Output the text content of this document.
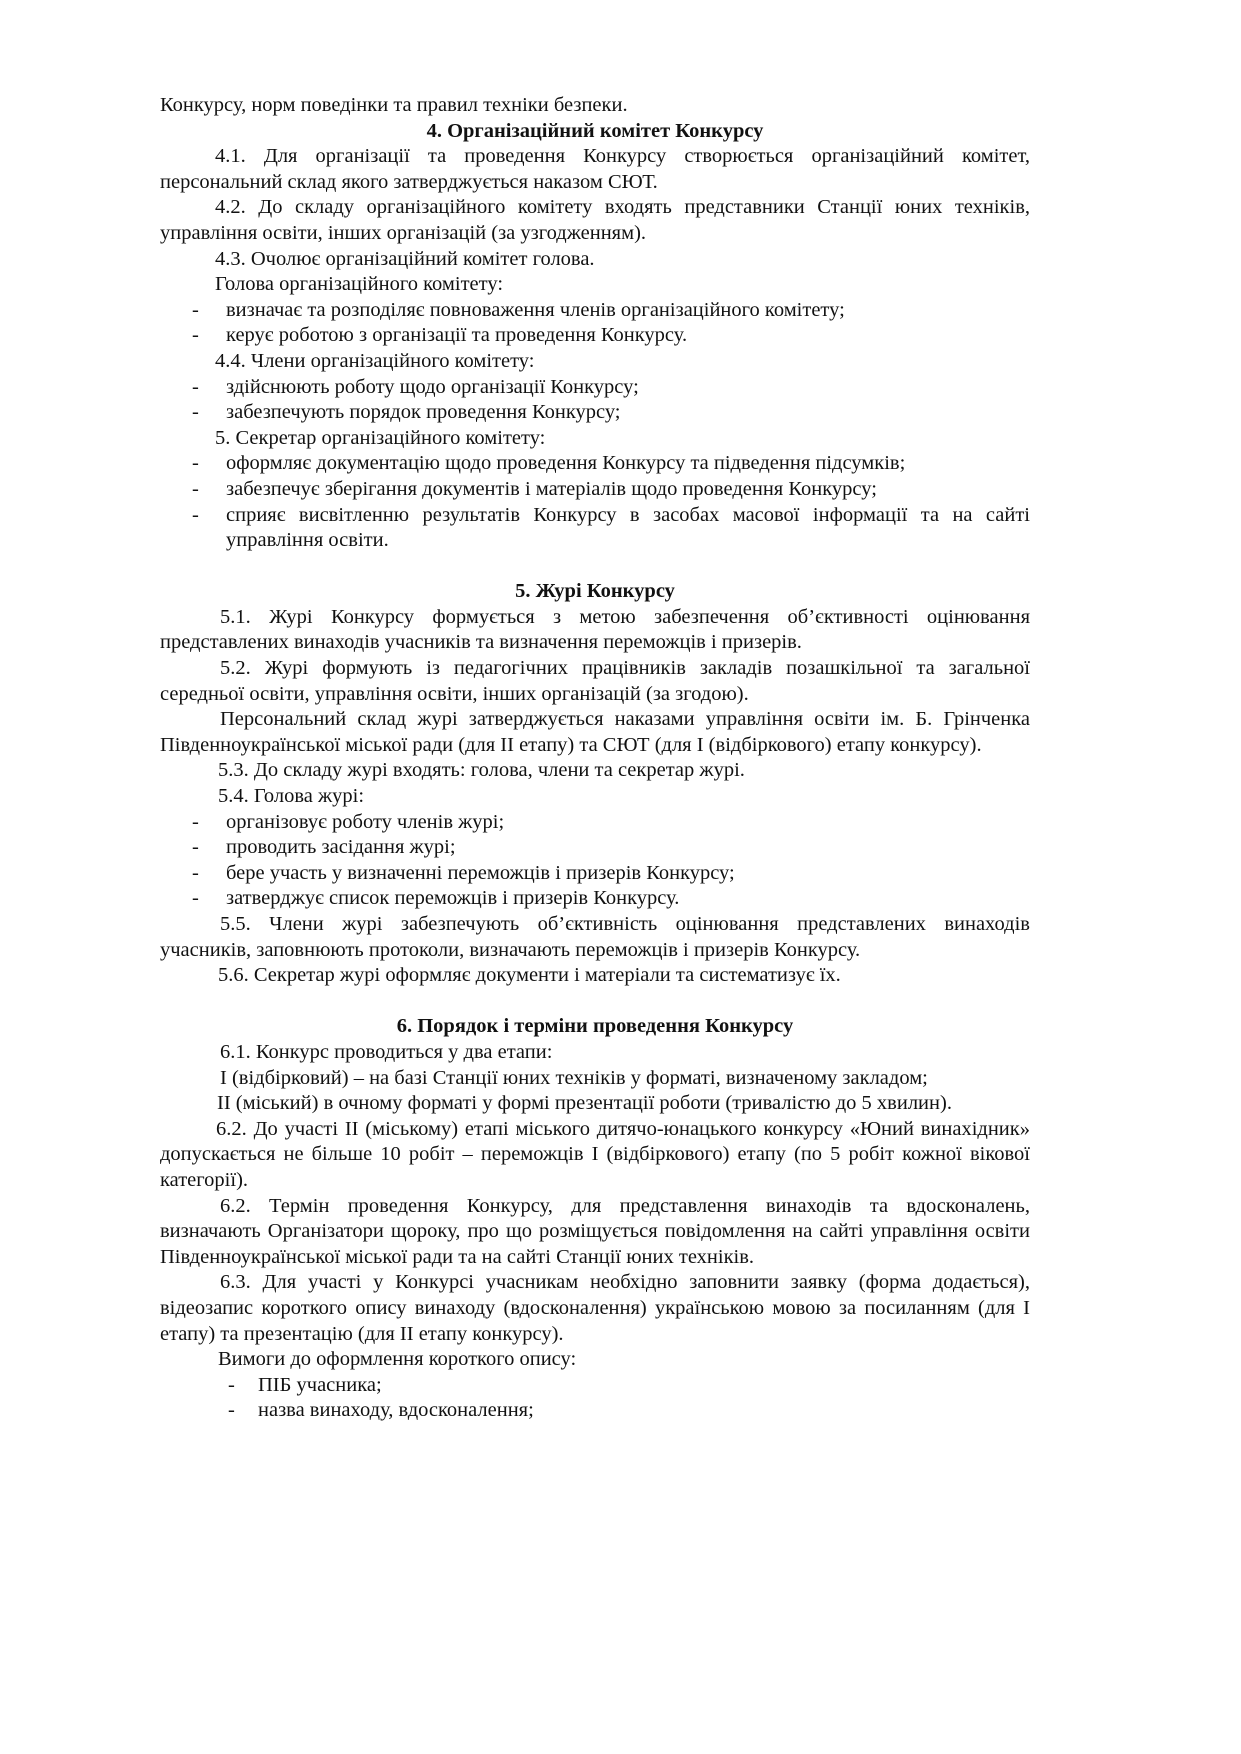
Конкурсу, норм поведінки та правил техніки безпеки.
4. Організаційний комітет Конкурсу
4.1. Для організації та проведення Конкурсу створюється організаційний комітет, персональний склад якого затверджується наказом СЮТ.
4.2. До складу організаційного комітету входять представники Станції юних техніків, управління освіти, інших організацій (за узгодженням).
4.3. Очолює організаційний комітет голова.
Голова організаційного комітету:
- визначає та розподіляє повноваження членів організаційного комітету;
- керує роботою з організації та проведення Конкурсу.
4.4. Члени організаційного комітету:
- здійснюють роботу щодо організації Конкурсу;
- забезпечують порядок проведення Конкурсу;
5. Секретар організаційного комітету:
- оформляє документацію щодо проведення Конкурсу та підведення підсумків;
- забезпечує зберігання документів і матеріалів щодо проведення Конкурсу;
- сприяє висвітленню результатів Конкурсу в засобах масової інформації та на сайті управління освіти.
5. Журі Конкурсу
5.1. Журі Конкурсу формується з метою забезпечення об’єктивності оцінювання представлених винаходів учасників та визначення переможців і призерів.
5.2. Журі формують із педагогічних працівників закладів позашкільної та загальної середньої освіти, управління освіти, інших організацій (за згодою).
Персональний склад журі затверджується наказами управління освіти ім. Б. Грінченка Південноукраїнської міської ради (для ІІ етапу) та СЮТ (для І (відбіркового) етапу конкурсу).
5.3. До складу журі входять: голова, члени та секретар журі.
5.4. Голова журі:
- організовує роботу членів журі;
- проводить засідання журі;
- бере участь у визначенні переможців і призерів Конкурсу;
- затверджує список переможців і призерів Конкурсу.
5.5. Члени журі забезпечують об’єктивність оцінювання представлених винаходів учасників, заповнюють протоколи, визначають переможців і призерів Конкурсу.
5.6. Секретар журі оформляє документи і матеріали та систематизує їх.
6. Порядок і терміни проведення Конкурсу
6.1. Конкурс проводиться у два етапи:
І (відбірковий) – на базі Станції юних техніків у форматі, визначеному закладом;
ІІ (міський) в очному форматі у формі презентації роботи (тривалістю до 5 хвилин).
6.2. До участі ІІ (міському) етапі міського дитячо-юнацького конкурсу «Юний винахідник» допускається не більше 10 робіт – переможців І (відбіркового) етапу (по 5 робіт кожної вікової категорії).
6.2. Термін проведення Конкурсу, для представлення винаходів та вдосконалень, визначають Організатори щороку, про що розміщується повідомлення на сайті управління освіти Південноукраїнської міської ради та на сайті Станції юних техніків.
6.3. Для участі у Конкурсі учасникам необхідно заповнити заявку (форма додається), відеозапис короткого опису винаходу (вдосконалення) українською мовою за посиланням (для І етапу) та презентацію (для ІІ етапу конкурсу).
Вимоги до оформлення короткого опису:
- ПІБ учасника;
- назва винаходу, вдосконалення;
